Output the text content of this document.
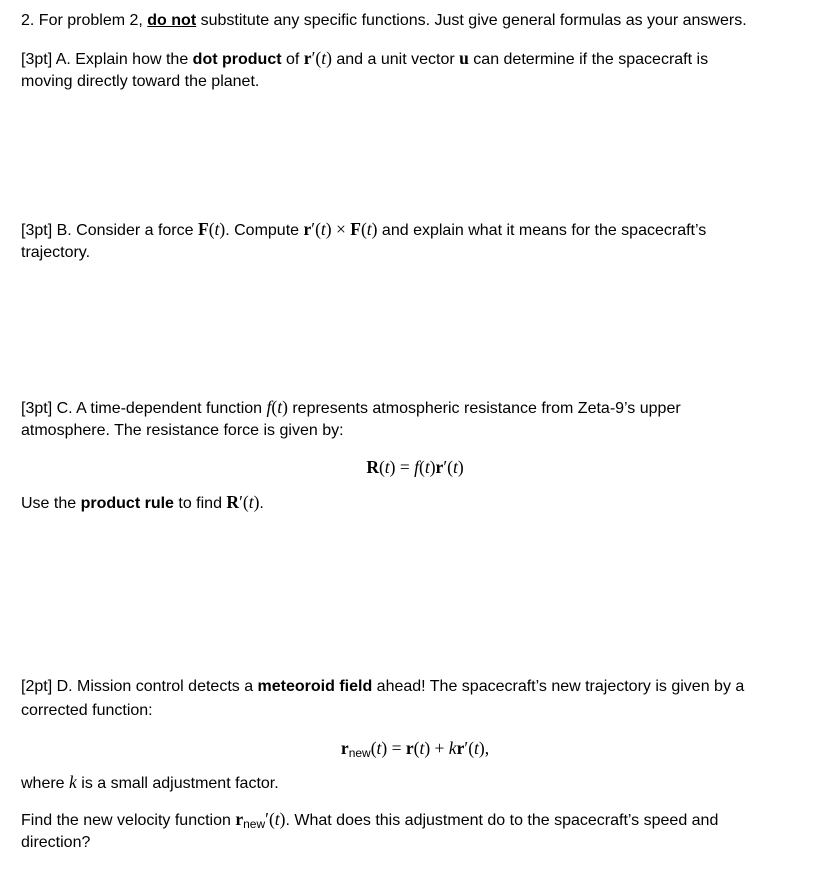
2. For problem 2, do not substitute any specific functions. Just give general formulas as your answers.
[3pt] A. Explain how the dot product of r′(t) and a unit vector u can determine if the spacecraft is
moving directly toward the planet.
[3pt] B. Consider a force F(t). Compute r′(t) × F(t) and explain what it means for the spacecraft’s
trajectory.
[3pt] C. A time-dependent function f(t) represents atmospheric resistance from Zeta-9’s upper
atmosphere. The resistance force is given by:
R(t) = f(t)r′(t)
Use the product rule to find R′(t).
[2pt] D. Mission control detects a meteoroid field ahead! The spacecraft’s new trajectory is given by a
corrected function:
$r_{new}(t) = r(t) + kr'(t)$,
where k is a small adjustment factor.
Find the new velocity function $r_{new}'(t)$. What does this adjustment do to the spacecraft’s speed and
direction?
